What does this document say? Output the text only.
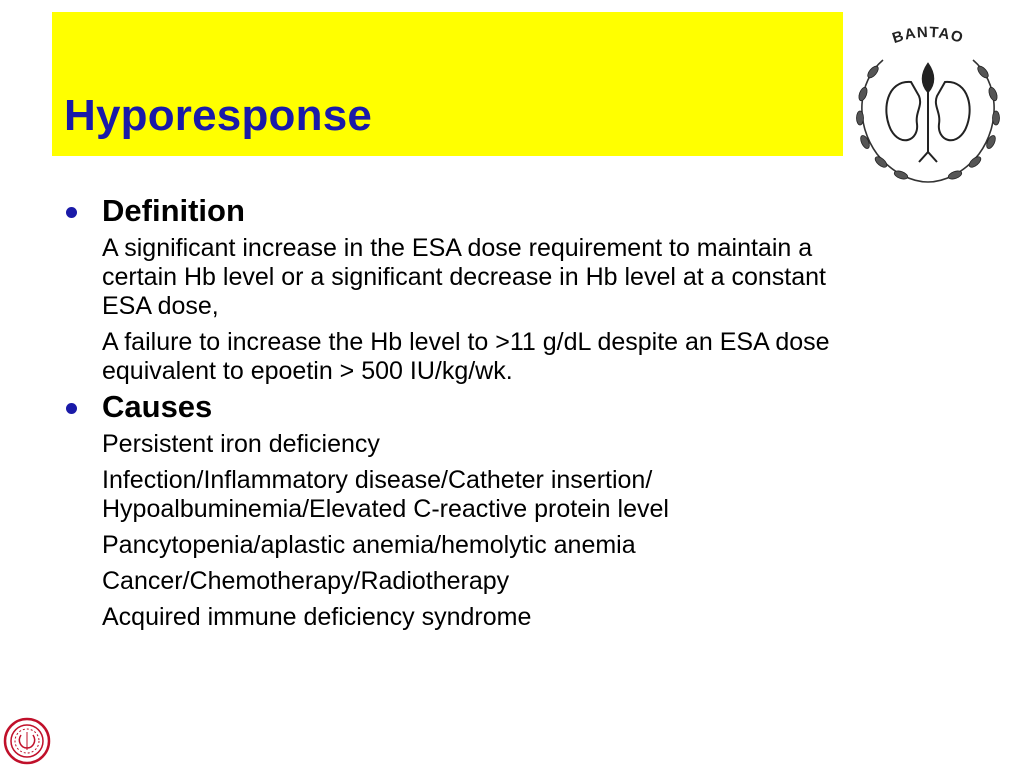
Hyporesponse
BANTAO
Definition
A significant increase in the ESA dose requirement to maintain a certain Hb level or a significant decrease in Hb level at a constant ESA dose,
A failure to increase the Hb level to >11 g/dL despite an ESA dose equivalent to epoetin > 500 IU/kg/wk.
Causes
Persistent iron deficiency
Infection/Inflammatory disease/Catheter insertion/ Hypoalbuminemia/Elevated C-reactive protein level
Pancytopenia/aplastic anemia/hemolytic anemia
Cancer/Chemotherapy/Radiotherapy
Acquired immune deficiency syndrome
